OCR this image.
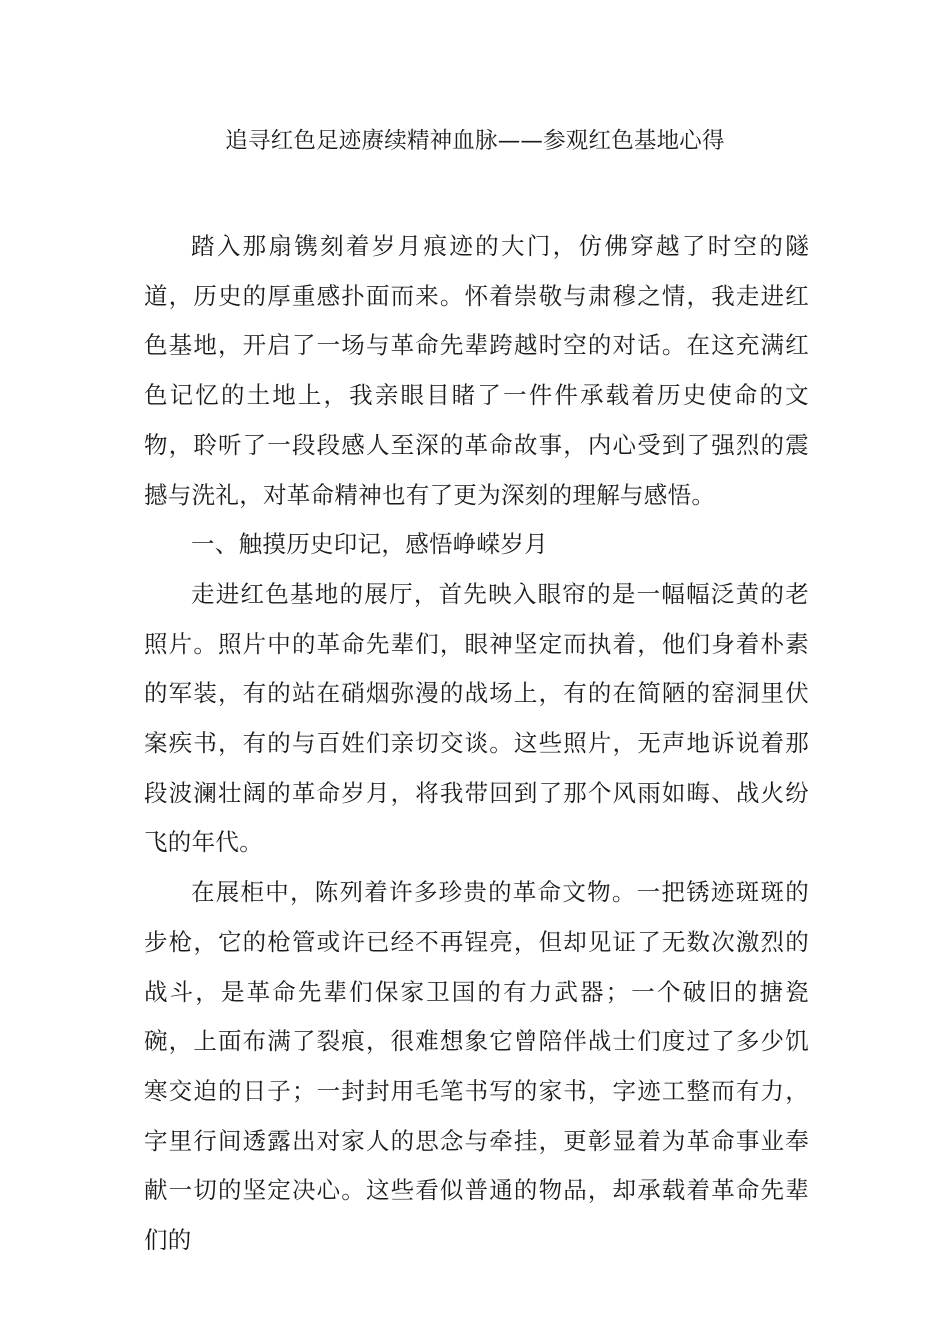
追寻红色足迹赓续精神血脉——参观红色基地心得

踏入那扇镌刻着岁月痕迹的大门，仿佛穿越了时空的隧道，历史的厚重感扑面而来。怀着崇敬与肃穆之情，我走进红色基地，开启了一场与革命先辈跨越时空的对话。在这充满红色记忆的土地上，我亲眼目睹了一件件承载着历史使命的文物，聆听了一段段感人至深的革命故事，内心受到了强烈的震撼与洗礼，对革命精神也有了更为深刻的理解与感悟。

一、触摸历史印记，感悟峥嵘岁月

走进红色基地的展厅，首先映入眼帘的是一幅幅泛黄的老照片。照片中的革命先辈们，眼神坚定而执着，他们身着朴素的军装，有的站在硝烟弥漫的战场上，有的在简陋的窑洞里伏案疾书，有的与百姓们亲切交谈。这些照片，无声地诉说着那段波澜壮阔的革命岁月，将我带回到了那个风雨如晦、战火纷飞的年代。

在展柜中，陈列着许多珍贵的革命文物。一把锈迹斑斑的步枪，它的枪管或许已经不再锃亮，但却见证了无数次激烈的战斗，是革命先辈们保家卫国的有力武器；一个破旧的搪瓷碗，上面布满了裂痕，很难想象它曾陪伴战士们度过了多少饥寒交迫的日子；一封封用毛笔书写的家书，字迹工整而有力，字里行间透露出对家人的思念与牵挂，更彰显着为革命事业奉献一切的坚定决心。这些看似普通的物品，却承载着革命先辈们的
